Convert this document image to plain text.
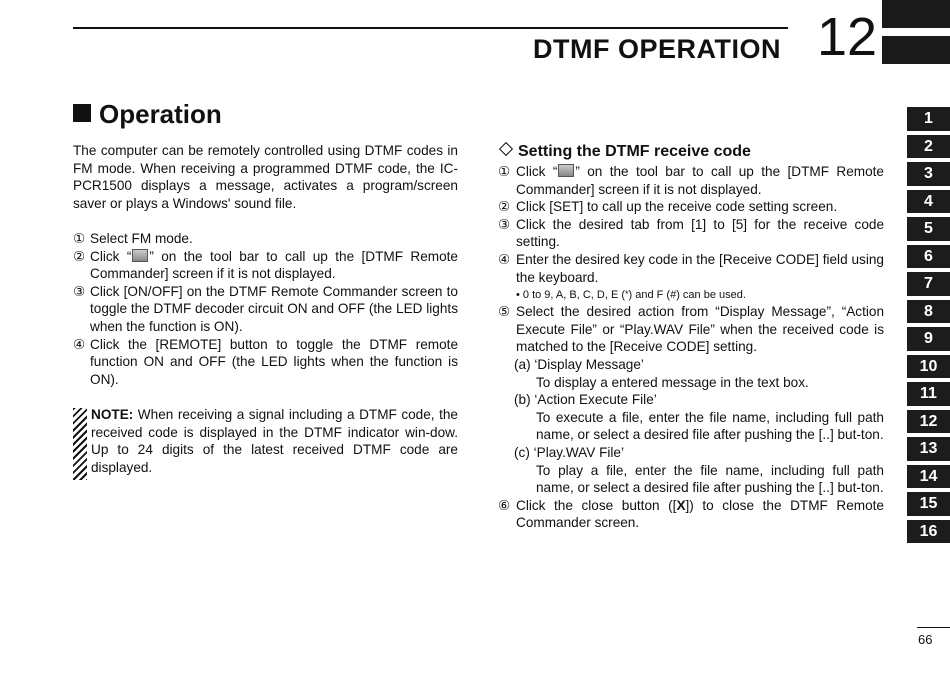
DTMF OPERATION 12
1
2
3
4
5
6
7
8
9
10
11
12
13
14
15
16
Operation

The computer can be remotely controlled using DTMF codes in FM mode. When receiving a programmed DTMF code, the IC-PCR1500 displays a message, activates a program/screen saver or plays a Windows' sound file.

① Select FM mode.
② Click “ ” on the tool bar to call up the [DTMF Remote Commander] screen if it is not displayed.
③ Click [ON/OFF] on the DTMF Remote Commander screen to toggle the DTMF decoder circuit ON and OFF (the LED lights when the function is ON).
④ Click the [REMOTE] button to toggle the DTMF remote function ON and OFF (the LED lights when the function is ON).
NOTE: When receiving a signal including a DTMF code, the received code is displayed in the DTMF indicator win-dow. Up to 24 digits of the latest received DTMF code are displayed.
Setting the DTMF receive code
① Click “ ” on the tool bar to call up the [DTMF Remote Commander] screen if it is not displayed.
② Click [SET] to call up the receive code setting screen.
③ Click the desired tab from [1] to [5] for the receive code setting.
④ Enter the desired key code in the [Receive CODE] field using the keyboard.
• 0 to 9, A, B, C, D, E (*) and F (#) can be used.
⑤ Select the desired action from “Display Message”, “Action Execute File” or “Play.WAV File” when the received code is matched to the [Receive CODE] setting.
(a) ‘Display Message’
To display a entered message in the text box.
(b) ‘Action Execute File’
To execute a file, enter the file name, including full path name, or select a desired file after pushing the [..] but-ton.
(c) ‘Play.WAV File’
To play a file, enter the file name, including full path name, or select a desired file after pushing the [..] but-ton.
⑥ Click the close button ([X]) to close the DTMF Remote Commander screen.
66
